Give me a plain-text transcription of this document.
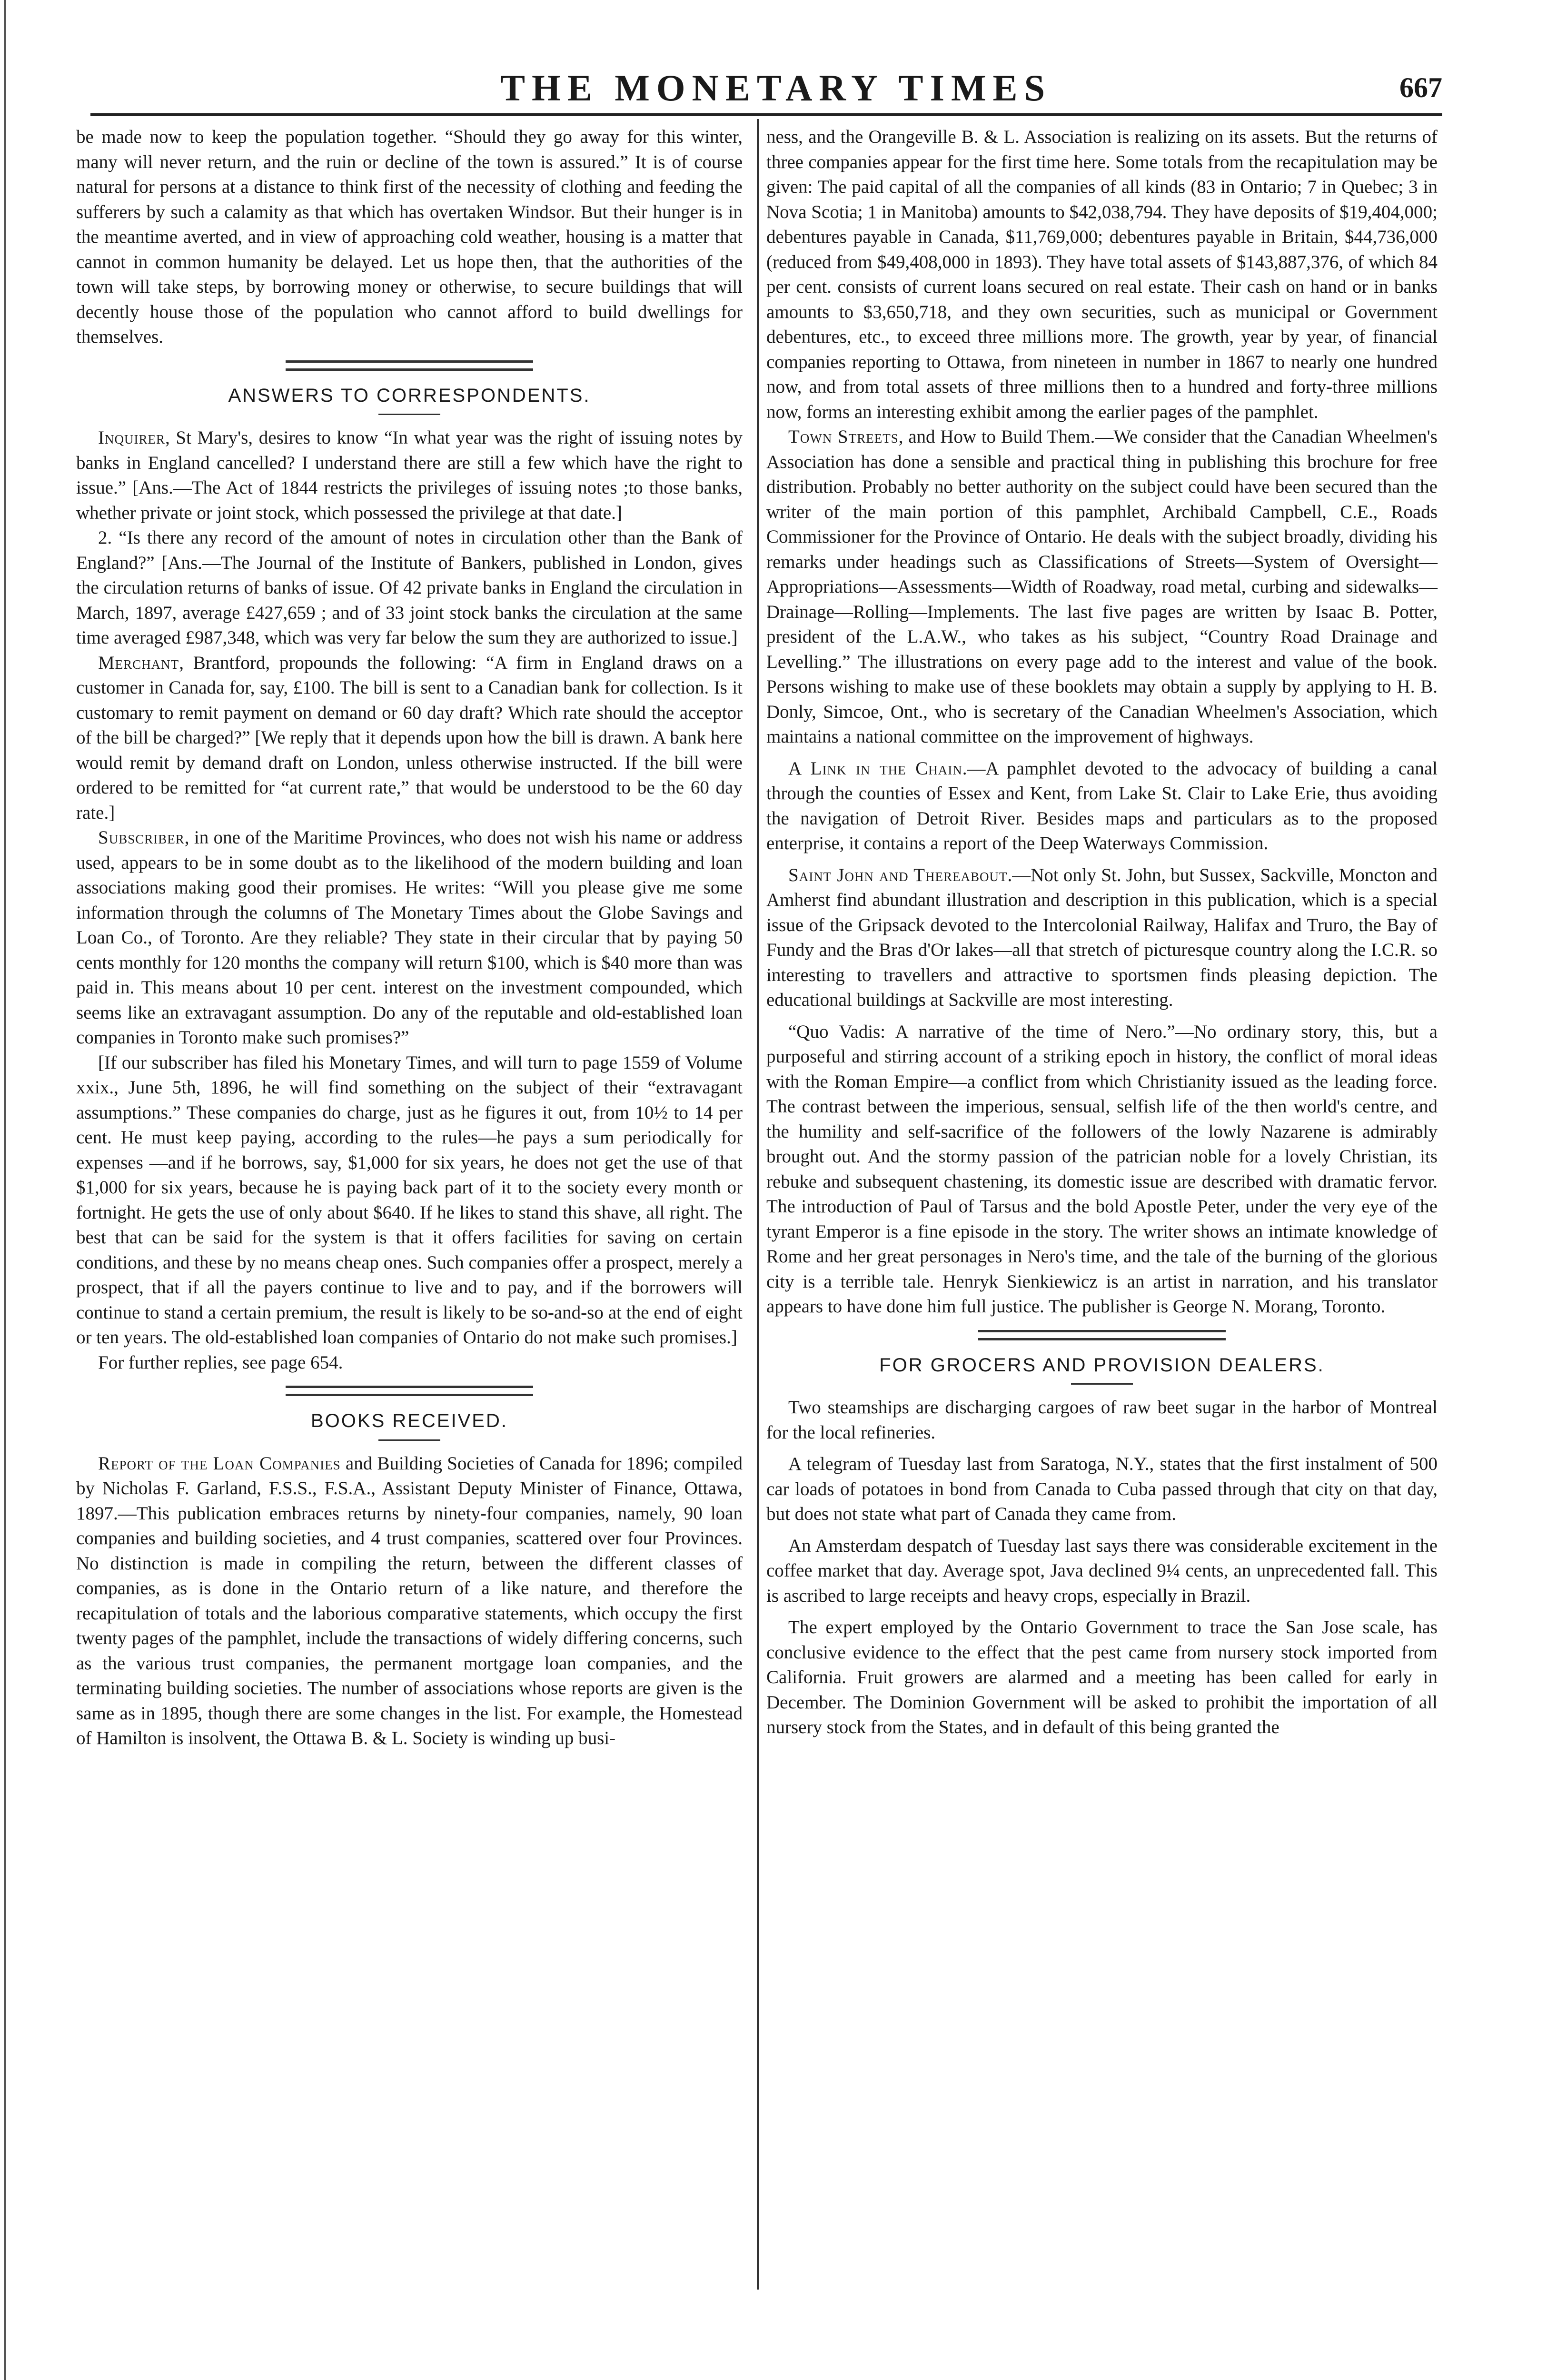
THE MONETARY TIMES	667

be made now to keep the population together. “Should they go away for this winter, many will never return, and the ruin or decline of the town is assured.” It is of course natural for persons at a distance to think first of the necessity of clothing and feeding the sufferers by such a calamity as that which has overtaken Windsor. But their hunger is in the meantime averted, and in view of approaching cold weather, housing is a matter that cannot in common humanity be delayed. Let us hope then, that the authorities of the town will take steps, by borrowing money or otherwise, to secure buildings that will decently house those of the population who cannot afford to build dwellings for themselves.

ANSWERS TO CORRESPONDENTS.

Inquirer, St Mary's, desires to know “In what year was the right of issuing notes by banks in England cancelled? I understand there are still a few which have the right to issue.” [Ans.—The Act of 1844 restricts the privileges of issuing notes ;to those banks, whether private or joint stock, which possessed the privilege at that date.]

2. “Is there any record of the amount of notes in circulation other than the Bank of England?” [Ans.—The Journal of the Institute of Bankers, published in London, gives the circulation returns of banks of issue. Of 42 private banks in England the circulation in March, 1897, average £427,659 ; and of 33 joint stock banks the circulation at the same time averaged £987,348, which was very far below the sum they are authorized to issue.]

Merchant, Brantford, propounds the following: “A firm in England draws on a customer in Canada for, say, £100. The bill is sent to a Canadian bank for collection. Is it customary to remit payment on demand or 60 day draft? Which rate should the acceptor of the bill be charged?” [We reply that it depends upon how the bill is drawn. A bank here would remit by demand draft on London, unless otherwise instructed. If the bill were ordered to be remitted for “at current rate,” that would be understood to be the 60 day rate.]

Subscriber, in one of the Maritime Provinces, who does not wish his name or address used, appears to be in some doubt as to the likelihood of the modern building and loan associations making good their promises. He writes: “Will you please give me some information through the columns of The Monetary Times about the Globe Savings and Loan Co., of Toronto. Are they reliable? They state in their circular that by paying 50 cents monthly for 120 months the company will return $100, which is $40 more than was paid in. This means about 10 per cent. interest on the investment compounded, which seems like an extravagant assumption. Do any of the reputable and old-established loan companies in Toronto make such promises?”

[If our subscriber has filed his Monetary Times, and will turn to page 1559 of Volume xxix., June 5th, 1896, he will find something on the subject of their “extravagant assumptions.” These companies do charge, just as he figures it out, from 10½ to 14 per cent. He must keep paying, according to the rules—he pays a sum periodically for expenses —and if he borrows, say, $1,000 for six years, he does not get the use of that $1,000 for six years, because he is paying back part of it to the society every month or fortnight. He gets the use of only about $640. If he likes to stand this shave, all right. The best that can be said for the system is that it offers facilities for saving on certain conditions, and these by no means cheap ones. Such companies offer a prospect, merely a prospect, that if all the payers continue to live and to pay, and if the borrowers will continue to stand a certain premium, the result is likely to be so-and-so at the end of eight or ten years. The old-established loan companies of Ontario do not make such promises.]

For further replies, see page 654.

BOOKS RECEIVED.

Report of the Loan Companies and Building Societies of Canada for 1896; compiled by Nicholas F. Garland, F.S.S., F.S.A., Assistant Deputy Minister of Finance, Ottawa, 1897.—This publication embraces returns by ninety-four companies, namely, 90 loan companies and building societies, and 4 trust companies, scattered over four Provinces. No distinction is made in compiling the return, between the different classes of companies, as is done in the Ontario return of a like nature, and therefore the recapitulation of totals and the laborious comparative statements, which occupy the first twenty pages of the pamphlet, include the transactions of widely differing concerns, such as the various trust companies, the permanent mortgage loan companies, and the terminating building societies. The number of associations whose reports are given is the same as in 1895, though there are some changes in the list. For example, the Homestead of Hamilton is insolvent, the Ottawa B. & L. Society is winding up busi-

ness, and the Orangeville B. & L. Association is realizing on its assets. But the returns of three companies appear for the first time here. Some totals from the recapitulation may be given: The paid capital of all the companies of all kinds (83 in Ontario; 7 in Quebec; 3 in Nova Scotia; 1 in Manitoba) amounts to $42,038,794. They have deposits of $19,404,000; debentures payable in Canada, $11,769,000; debentures payable in Britain, $44,736,000 (reduced from $49,408,000 in 1893). They have total assets of $143,887,376, of which 84 per cent. consists of current loans secured on real estate. Their cash on hand or in banks amounts to $3,650,718, and they own securities, such as municipal or Government debentures, etc., to exceed three millions more. The growth, year by year, of financial companies reporting to Ottawa, from nineteen in number in 1867 to nearly one hundred now, and from total assets of three millions then to a hundred and forty-three millions now, forms an interesting exhibit among the earlier pages of the pamphlet.

Town Streets, and How to Build Them.—We consider that the Canadian Wheelmen's Association has done a sensible and practical thing in publishing this brochure for free distribution. Probably no better authority on the subject could have been secured than the writer of the main portion of this pamphlet, Archibald Campbell, C.E., Roads Commissioner for the Province of Ontario. He deals with the subject broadly, dividing his remarks under headings such as Classifications of Streets—System of Oversight—Appropriations—Assessments—Width of Roadway, road metal, curbing and sidewalks—Drainage—Rolling—Implements. The last five pages are written by Isaac B. Potter, president of the L.A.W., who takes as his subject, “Country Road Drainage and Levelling.” The illustrations on every page add to the interest and value of the book. Persons wishing to make use of these booklets may obtain a supply by applying to H. B. Donly, Simcoe, Ont., who is secretary of the Canadian Wheelmen's Association, which maintains a national committee on the improvement of highways.

A Link in the Chain.—A pamphlet devoted to the advocacy of building a canal through the counties of Essex and Kent, from Lake St. Clair to Lake Erie, thus avoiding the navigation of Detroit River. Besides maps and particulars as to the proposed enterprise, it contains a report of the Deep Waterways Commission.

Saint John and Thereabout.—Not only St. John, but Sussex, Sackville, Moncton and Amherst find abundant illustration and description in this publication, which is a special issue of the Gripsack devoted to the Intercolonial Railway, Halifax and Truro, the Bay of Fundy and the Bras d'Or lakes—all that stretch of picturesque country along the I.C.R. so interesting to travellers and attractive to sportsmen finds pleasing depiction. The educational buildings at Sackville are most interesting.

“Quo Vadis: A narrative of the time of Nero.”—No ordinary story, this, but a purposeful and stirring account of a striking epoch in history, the conflict of moral ideas with the Roman Empire—a conflict from which Christianity issued as the leading force. The contrast between the imperious, sensual, selfish life of the then world's centre, and the humility and self-sacrifice of the followers of the lowly Nazarene is admirably brought out. And the stormy passion of the patrician noble for a lovely Christian, its rebuke and subsequent chastening, its domestic issue are described with dramatic fervor. The introduction of Paul of Tarsus and the bold Apostle Peter, under the very eye of the tyrant Emperor is a fine episode in the story. The writer shows an intimate knowledge of Rome and her great personages in Nero's time, and the tale of the burning of the glorious city is a terrible tale. Henryk Sienkiewicz is an artist in narration, and his translator appears to have done him full justice. The publisher is George N. Morang, Toronto.

FOR GROCERS AND PROVISION DEALERS.

Two steamships are discharging cargoes of raw beet sugar in the harbor of Montreal for the local refineries.

A telegram of Tuesday last from Saratoga, N.Y., states that the first instalment of 500 car loads of potatoes in bond from Canada to Cuba passed through that city on that day, but does not state what part of Canada they came from.

An Amsterdam despatch of Tuesday last says there was considerable excitement in the coffee market that day. Average spot, Java declined 9¼ cents, an unprecedented fall. This is ascribed to large receipts and heavy crops, especially in Brazil.

The expert employed by the Ontario Government to trace the San Jose scale, has conclusive evidence to the effect that the pest came from nursery stock imported from California. Fruit growers are alarmed and a meeting has been called for early in December. The Dominion Government will be asked to prohibit the importation of all nursery stock from the States, and in default of this being granted the
